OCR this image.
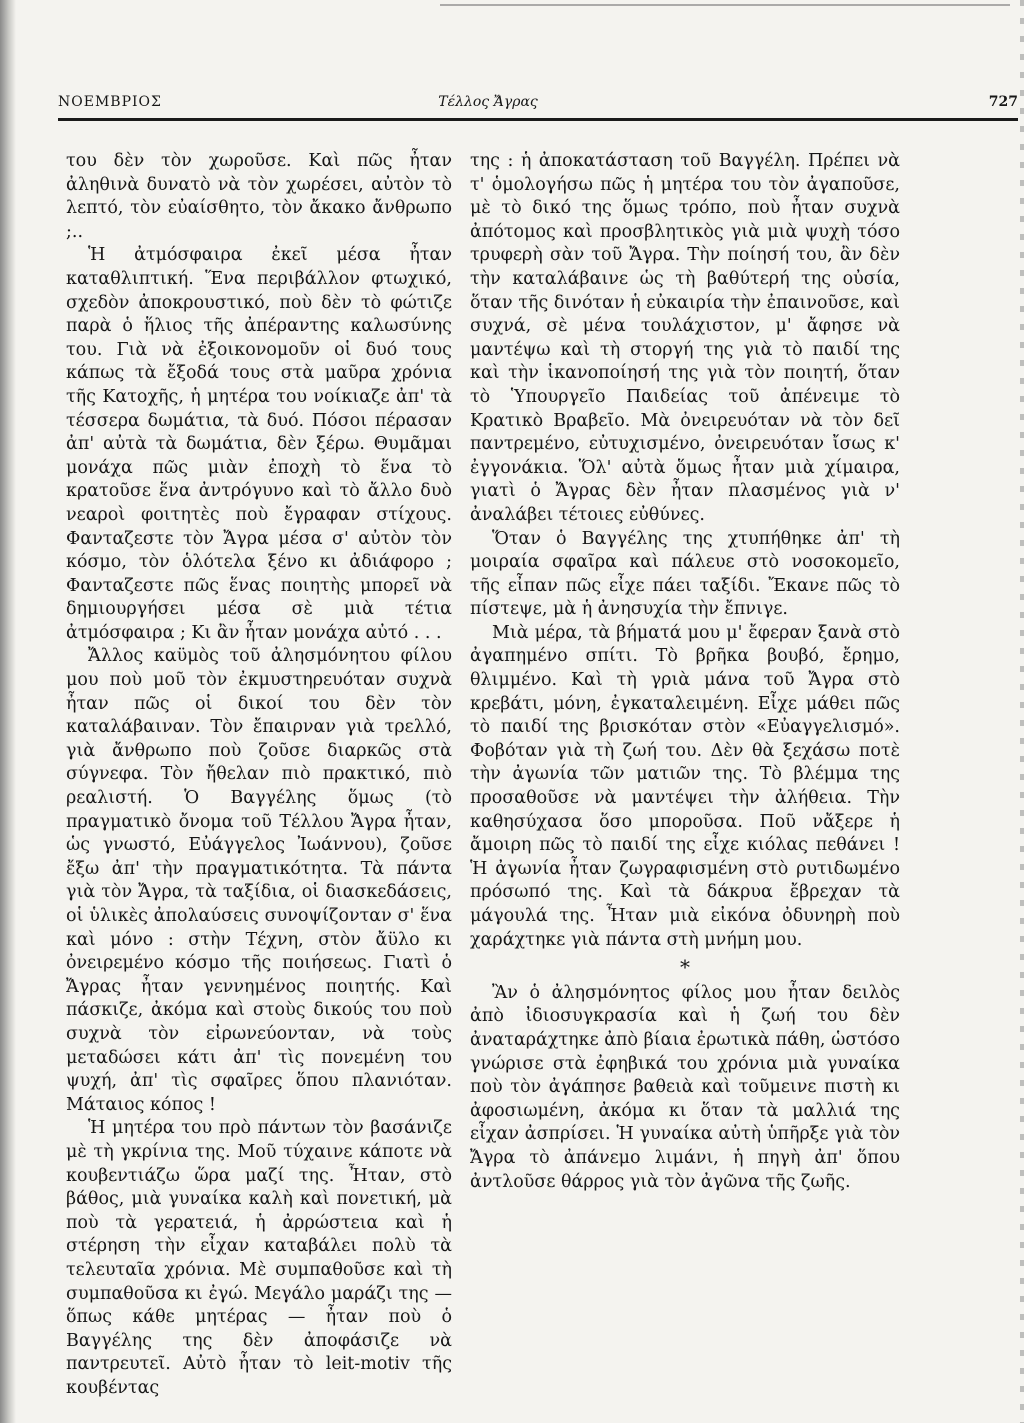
ΝΟΕΜΒΡΙΟΣ	Τέλλος Ἄγρας	727

του δὲν τὸν χωροῦσε. Καὶ πῶς ἦταν ἀληθινὰ δυνατὸ νὰ τὸν χωρέσει, αὐτὸν τὸ λεπτό, τὸν εὐαίσθητο, τὸν ἄκακο ἄνθρωπο ;..

Ἡ ἀτμόσφαιρα ἐκεῖ μέσα ἦταν καταθλιπτική. Ἕνα περιβάλλον φτωχικό, σχεδὸν ἀποκρουστικό, ποὺ δὲν τὸ φώτιζε παρὰ ὁ ἥλιος τῆς ἀπέραντης καλωσύνης του. Γιὰ νὰ ἐξοικονομοῦν οἱ δυό τους κάπως τὰ ἔξοδά τους στὰ μαῦρα χρόνια τῆς Κατοχῆς, ἡ μητέρα του νοίκιαζε ἀπ' τὰ τέσσερα δωμάτια, τὰ δυό. Πόσοι πέρασαν ἀπ' αὐτὰ τὰ δωμάτια, δὲν ξέρω. Θυμᾶμαι μονάχα πῶς μιὰν ἐποχὴ τὸ ἕνα τὸ κρατοῦσε ἕνα ἀντρόγυνο καὶ τὸ ἄλλο δυὸ νεαροὶ φοιτητὲς ποὺ ἔγραφαν στίχους. Φανταζεστε τὸν Ἄγρα μέσα σ' αὐτὸν τὸν κόσμο, τὸν ὁλότελα ξένο κι ἀδιάφορο ; Φανταζεστε πῶς ἕνας ποιητὴς μπορεῖ νὰ δημιουργήσει μέσα σὲ μιὰ τέτια ἀτμόσφαιρα ; Κι ἂν ἦταν μονάχα αὐτό . . .

Ἄλλος καϋμὸς τοῦ ἀλησμόνητου φίλου μου ποὺ μοῦ τὸν ἐκμυστηρευόταν συχνὰ ἦταν πῶς οἱ δικοί του δὲν τὸν καταλάβαιναν. Τὸν ἔπαιρναν γιὰ τρελλό, γιὰ ἄνθρωπο ποὺ ζοῦσε διαρκῶς στὰ σύγνεφα. Τὸν ἤθελαν πιὸ πρακτικό, πιὸ ρεαλιστή. Ὁ Βαγγέλης ὅμως (τὸ πραγματικὸ ὄνομα τοῦ Τέλλου Ἄγρα ἦταν, ὡς γνωστό, Εὐάγγελος Ἰωάννου), ζοῦσε ἔξω ἀπ' τὴν πραγματικότητα. Τὰ πάντα γιὰ τὸν Ἄγρα, τὰ ταξίδια, οἱ διασκεδάσεις, οἱ ὑλικὲς ἀπολαύσεις συνοψίζονταν σ' ἕνα καὶ μόνο : στὴν Τέχνη, στὸν ἄϋλο κι ὀνειρεμένο κόσμο τῆς ποιήσεως. Γιατὶ ὁ Ἄγρας ἦταν γεννημένος ποιητής. Καὶ πάσκιζε, ἀκόμα καὶ στοὺς δικούς του ποὺ συχνὰ τὸν εἰρωνεύονταν, νὰ τοὺς μεταδώσει κάτι ἀπ' τὶς πονεμένη του ψυχή, ἀπ' τὶς σφαῖρες ὅπου πλανιόταν. Μάταιος κόπος !

Ἡ μητέρα του πρὸ πάντων τὸν βασάνιζε μὲ τὴ γκρίνια της. Μοῦ τύχαινε κάποτε νὰ κουβεντιάζω ὥρα μαζί της. Ἦταν, στὸ βάθος, μιὰ γυναίκα καλὴ καὶ πονετική, μὰ ποὺ τὰ γερατειά, ἡ ἀρρώστεια καὶ ἡ στέρηση τὴν εἶχαν καταβάλει πολὺ τὰ τελευταῖα χρόνια. Μὲ συμπαθοῦσε καὶ τὴ συμπαθοῦσα κι ἐγώ. Μεγάλο μαράζι της — ὅπως κάθε μητέρας — ἦταν ποὺ ὁ Βαγγέλης της δὲν ἀποφάσιζε νὰ παντρευτεῖ. Αὐτὸ ἦταν τὸ leit-motiv τῆς κουβέντας

της : ἡ ἀποκατάσταση τοῦ Βαγγέλη. Πρέπει νὰ τ' ὁμολογήσω πῶς ἡ μητέρα του τὸν ἀγαποῦσε, μὲ τὸ δικό της ὅμως τρόπο, ποὺ ἦταν συχνὰ ἀπότομος καὶ προσβλητικὸς γιὰ μιὰ ψυχὴ τόσο τρυφερὴ σὰν τοῦ Ἄγρα. Τὴν ποίησή του, ἂν δὲν τὴν καταλάβαινε ὡς τὴ βαθύτερή της οὐσία, ὅταν τῆς δινόταν ἡ εὐκαιρία τὴν ἐπαινοῦσε, καὶ συχνά, σὲ μένα τουλάχιστον, μ' ἄφησε νὰ μαντέψω καὶ τὴ στοργή της γιὰ τὸ παιδί της καὶ τὴν ἱκανοποίησή της γιὰ τὸν ποιητή, ὅταν τὸ Ὑπουργεῖο Παιδείας τοῦ ἀπένειμε τὸ Κρατικὸ Βραβεῖο. Μὰ ὀνειρευόταν νὰ τὸν δεῖ παντρεμένο, εὐτυχισμένο, ὀνειρευόταν ἴσως κ' ἐγγονάκια. Ὅλ' αὐτὰ ὅμως ἦταν μιὰ χίμαιρα, γιατὶ ὁ Ἄγρας δὲν ἦταν πλασμένος γιὰ ν' ἀναλάβει τέτοιες εὐθύνες.

Ὅταν ὁ Βαγγέλης της χτυπήθηκε ἀπ' τὴ μοιραία σφαῖρα καὶ πάλευε στὸ νοσοκομεῖο, τῆς εἶπαν πῶς εἶχε πάει ταξίδι. Ἔκανε πῶς τὸ πίστεψε, μὰ ἡ ἀνησυχία τὴν ἔπνιγε.

Μιὰ μέρα, τὰ βήματά μου μ' ἔφεραν ξανὰ στὸ ἀγαπημένο σπίτι. Τὸ βρῆκα βουβό, ἔρημο, θλιμμένο. Καὶ τὴ γριὰ μάνα τοῦ Ἄγρα στὸ κρεβάτι, μόνη, ἐγκαταλειμένη. Εἶχε μάθει πῶς τὸ παιδί της βρισκόταν στὸν «Εὐαγγελισμό». Φοβόταν γιὰ τὴ ζωή του. Δὲν θὰ ξεχάσω ποτὲ τὴν ἀγωνία τῶν ματιῶν της. Τὸ βλέμμα της προσαθοῦσε νὰ μαντέψει τὴν ἀλήθεια. Τὴν καθησύχασα ὅσο μποροῦσα. Ποῦ νἄξερε ἡ ἄμοιρη πῶς τὸ παιδί της εἶχε κιόλας πεθάνει ! Ἡ ἀγωνία ἦταν ζωγραφισμένη στὸ ρυτιδωμένο πρόσωπό της. Καὶ τὰ δάκρυα ἔβρεχαν τὰ μάγουλά της. Ἦταν μιὰ εἰκόνα ὀδυνηρὴ ποὺ χαράχτηκε γιὰ πάντα στὴ μνήμη μου.

*

Ἂν ὁ ἀλησμόνητος φίλος μου ἦταν δειλὸς ἀπὸ ἰδιοσυγκρασία καὶ ἡ ζωή του δὲν ἀναταράχτηκε ἀπὸ βίαια ἐρωτικὰ πάθη, ὡστόσο γνώρισε στὰ ἐφηβικά του χρόνια μιὰ γυναίκα ποὺ τὸν ἀγάπησε βαθειὰ καὶ τοῦμεινε πιστὴ κι ἀφοσιωμένη, ἀκόμα κι ὅταν τὰ μαλλιά της εἶχαν ἀσπρίσει. Ἡ γυναίκα αὐτὴ ὑπῆρξε γιὰ τὸν Ἄγρα τὸ ἀπάνεμο λιμάνι, ἡ πηγὴ ἀπ' ὅπου ἀντλοῦσε θάρρος γιὰ τὸν ἀγῶνα τῆς ζωῆς.
